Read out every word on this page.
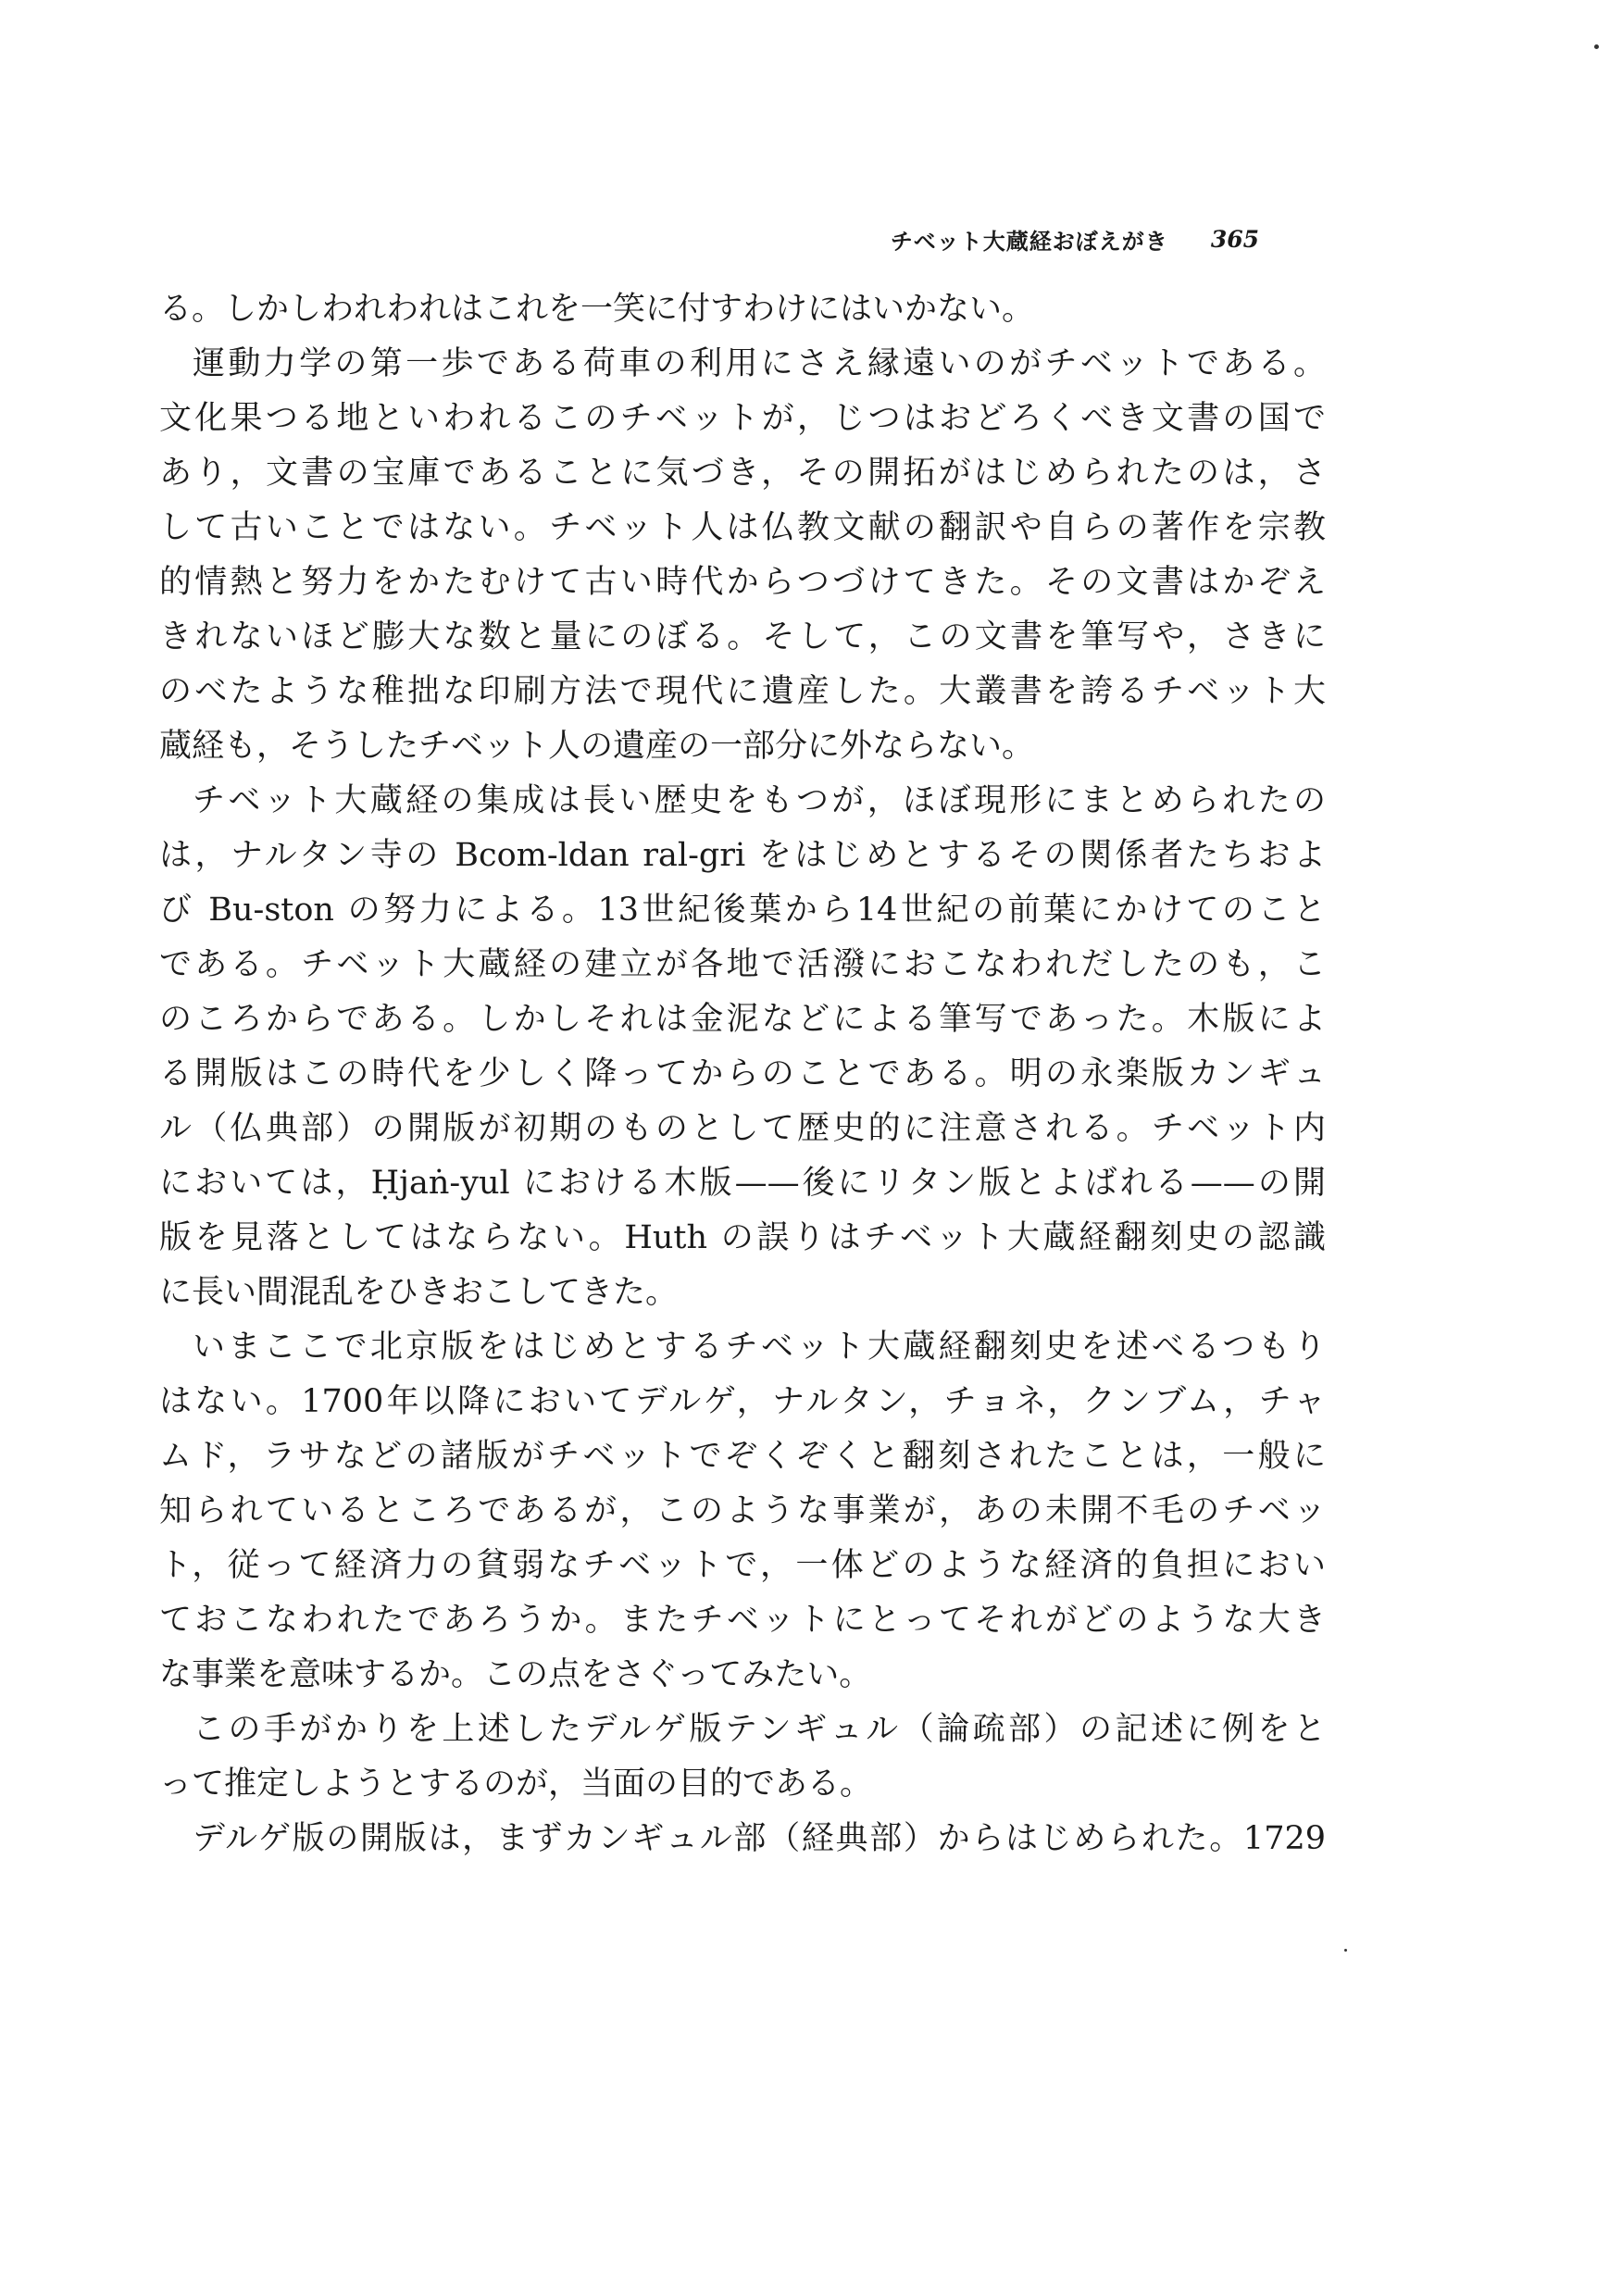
チベット大蔵経おぼえがき 365
る。しかしわれわれはこれを一笑に付すわけにはいかない。
運動力学の第一歩である荷車の利用にさえ縁遠いのがチベットである。
文化果つる地といわれるこのチベットが，じつはおどろくべき文書の国で
あり，文書の宝庫であることに気づき，その開拓がはじめられたのは，さ
して古いことではない。チベット人は仏教文献の翻訳や自らの著作を宗教
的情熱と努力をかたむけて古い時代からつづけてきた。その文書はかぞえ
きれないほど膨大な数と量にのぼる。そして，この文書を筆写や，さきに
のべたような稚拙な印刷方法で現代に遺産した。大叢書を誇るチベット大
蔵経も，そうしたチベット人の遺産の一部分に外ならない。
チベット大蔵経の集成は長い歴史をもつが，ほぼ現形にまとめられたの
は，ナルタン寺の Bcom-ldan ral-gri をはじめとするその関係者たちおよ
び Bu-ston の努力による。13世紀後葉から14世紀の前葉にかけてのこと
である。チベット大蔵経の建立が各地で活潑におこなわれだしたのも，こ
のころからである。しかしそれは金泥などによる筆写であった。木版によ
る開版はこの時代を少しく降ってからのことである。明の永楽版カンギュ
ル（仏典部）の開版が初期のものとして歴史的に注意される。チベット内
においては，Ḥjaṅ-yul における木版——後にリタン版とよばれる——の開
版を見落としてはならない。Huth の誤りはチベット大蔵経翻刻史の認識
に長い間混乱をひきおこしてきた。
いまここで北京版をはじめとするチベット大蔵経翻刻史を述べるつもり
はない。1700年以降においてデルゲ，ナルタン，チョネ，クンブム，チャ
ムド，ラサなどの諸版がチベットでぞくぞくと翻刻されたことは，一般に
知られているところであるが，このような事業が，あの未開不毛のチベッ
ト，従って経済力の貧弱なチベットで，一体どのような経済的負担におい
ておこなわれたであろうか。またチベットにとってそれがどのような大き
な事業を意味するか。この点をさぐってみたい。
この手がかりを上述したデルゲ版テンギュル（論疏部）の記述に例をと
って推定しようとするのが，当面の目的である。
デルゲ版の開版は，まずカンギュル部（経典部）からはじめられた。1729
